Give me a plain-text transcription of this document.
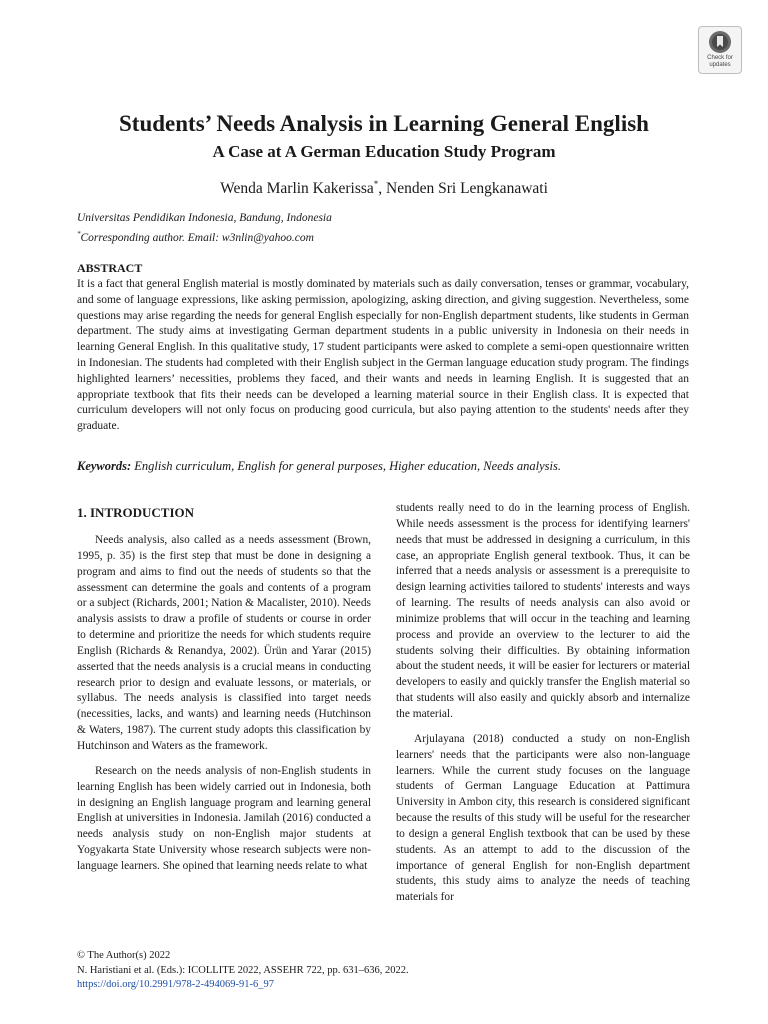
Check for updates
Students’ Needs Analysis in Learning General English
A Case at A German Education Study Program
Wenda Marlin Kakerissa*, Nenden Sri Lengkanawati
Universitas Pendidikan Indonesia, Bandung, Indonesia
*Corresponding author. Email: w3nlin@yahoo.com
ABSTRACT
It is a fact that general English material is mostly dominated by materials such as daily conversation, tenses or grammar, vocabulary, and some of language expressions, like asking permission, apologizing, asking direction, and giving suggestion. Nevertheless, some questions may arise regarding the needs for general English especially for non-English department students, like students in German department. The study aims at investigating German department students in a public university in Indonesia on their needs in learning General English. In this qualitative study, 17 student participants were asked to complete a semi-open questionnaire written in Indonesian. The students had completed with their English subject in the German language education study program. The findings highlighted learners’ necessities, problems they faced, and their wants and needs in learning English. It is suggested that an appropriate textbook that fits their needs can be developed a learning material source in their English class. It is expected that curriculum developers will not only focus on producing good curricula, but also paying attention to the students' needs after they graduate.
Keywords: English curriculum, English for general purposes, Higher education, Needs analysis.
1. INTRODUCTION

Needs analysis, also called as a needs assessment (Brown, 1995, p. 35) is the first step that must be done in designing a program and aims to find out the needs of students so that the assessment can determine the goals and contents of a program or a subject (Richards, 2001; Nation & Macalister, 2010). Needs analysis assists to draw a profile of students or course in order to determine and prioritize the needs for which students require English (Richards & Renandya, 2002). Ürün and Yarar (2015) asserted that the needs analysis is a crucial means in conducting research prior to design and evaluate lessons, or materials, or syllabus. The needs analysis is classified into target needs (necessities, lacks, and wants) and learning needs (Hutchinson & Waters, 1987). The current study adopts this classification by Hutchinson and Waters as the framework.

Research on the needs analysis of non-English students in learning English has been widely carried out in Indonesia, both in designing an English language program and learning general English at universities in Indonesia. Jamilah (2016) conducted a needs analysis study on non-English major students at Yogyakarta State University whose research subjects were non-language learners. She opined that learning needs relate to what

students really need to do in the learning process of English. While needs assessment is the process for identifying learners' needs that must be addressed in designing a curriculum, in this case, an appropriate English general textbook. Thus, it can be inferred that a needs analysis or assessment is a prerequisite to design learning activities tailored to students' interests and ways of learning. The results of needs analysis can also avoid or minimize problems that will occur in the teaching and learning process and provide an overview to the lecturer to aid the students solving their difficulties. By obtaining information about the student needs, it will be easier for lecturers or material developers to easily and quickly transfer the English material so that students will also easily and quickly absorb and internalize the material.

Arjulayana (2018) conducted a study on non-English learners' needs that the participants were also non-language learners. While the current study focuses on the language students of German Language Education at Pattimura University in Ambon city, this research is considered significant because the results of this study will be useful for the researcher to design a general English textbook that can be used by these students. As an attempt to add to the discussion of the importance of general English for non-English department students, this study aims to analyze the needs of teaching materials for

© The Author(s) 2022
N. Haristiani et al. (Eds.): ICOLLITE 2022, ASSEHR 722, pp. 631–636, 2022.
https://doi.org/10.2991/978-2-494069-91-6_97
